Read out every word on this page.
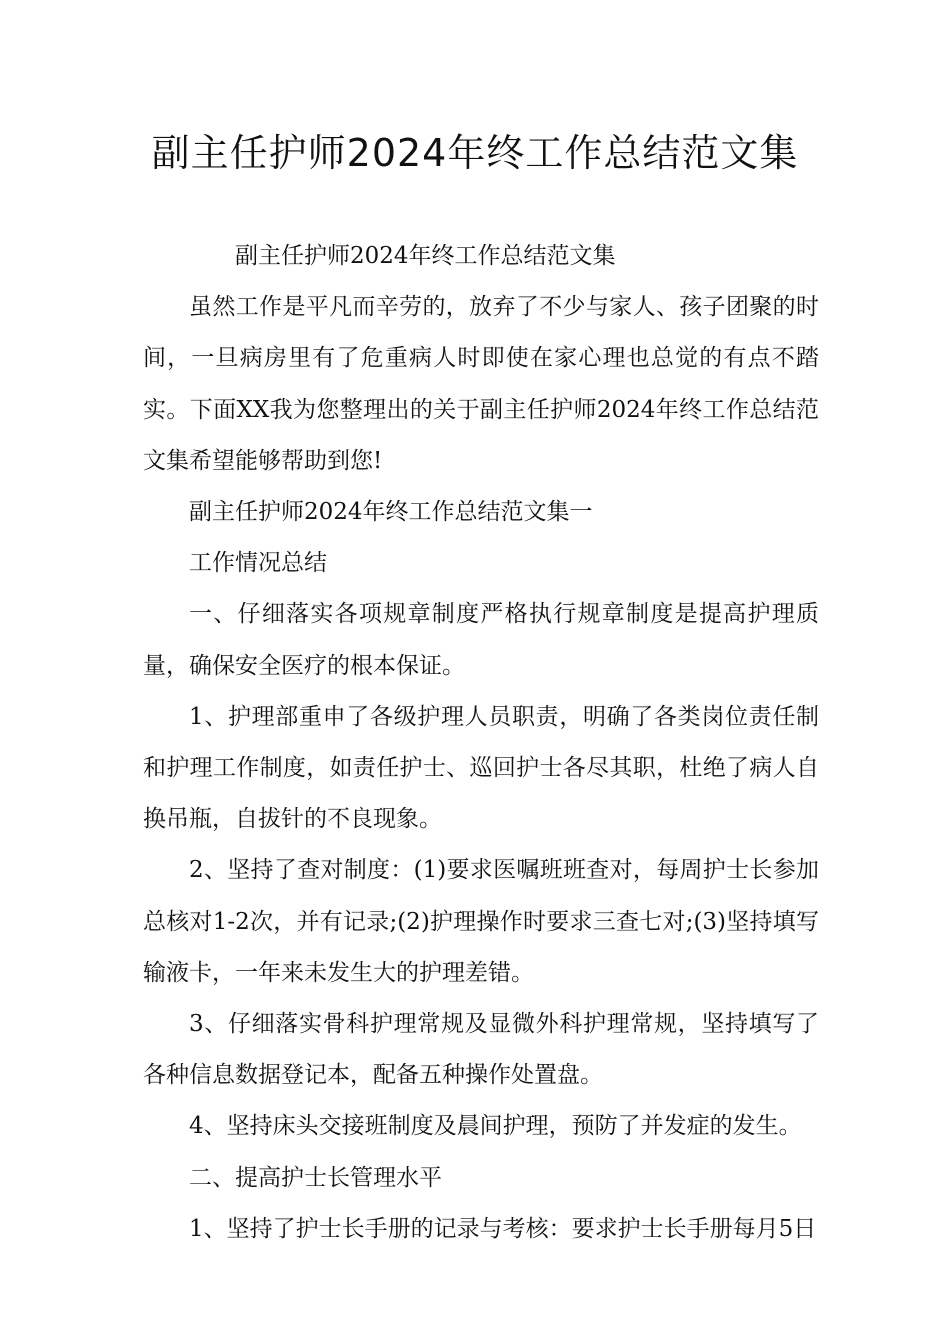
副主任护师2024年终工作总结范文集

副主任护师2024年终工作总结范文集

虽然工作是平凡而辛劳的，放弃了不少与家人、孩子团聚的时间，一旦病房里有了危重病人时即使在家心理也总觉的有点不踏实。下面XX我为您整理出的关于副主任护师2024年终工作总结范文集希望能够帮助到您!

副主任护师2024年终工作总结范文集一

工作情况总结

一、仔细落实各项规章制度严格执行规章制度是提高护理质量，确保安全医疗的根本保证。

1、护理部重申了各级护理人员职责，明确了各类岗位责任制和护理工作制度，如责任护士、巡回护士各尽其职，杜绝了病人自换吊瓶，自拔针的不良现象。

2、坚持了查对制度：(1)要求医嘱班班查对，每周护士长参加总核对1-2次，并有记录;(2)护理操作时要求三查七对;(3)坚持填写输液卡，一年来未发生大的护理差错。

3、仔细落实骨科护理常规及显微外科护理常规，坚持填写了各种信息数据登记本，配备五种操作处置盘。

4、坚持床头交接班制度及晨间护理，预防了并发症的发生。

二、提高护士长管理水平

1、坚持了护士长手册的记录与考核：要求护士长手册每月5日
